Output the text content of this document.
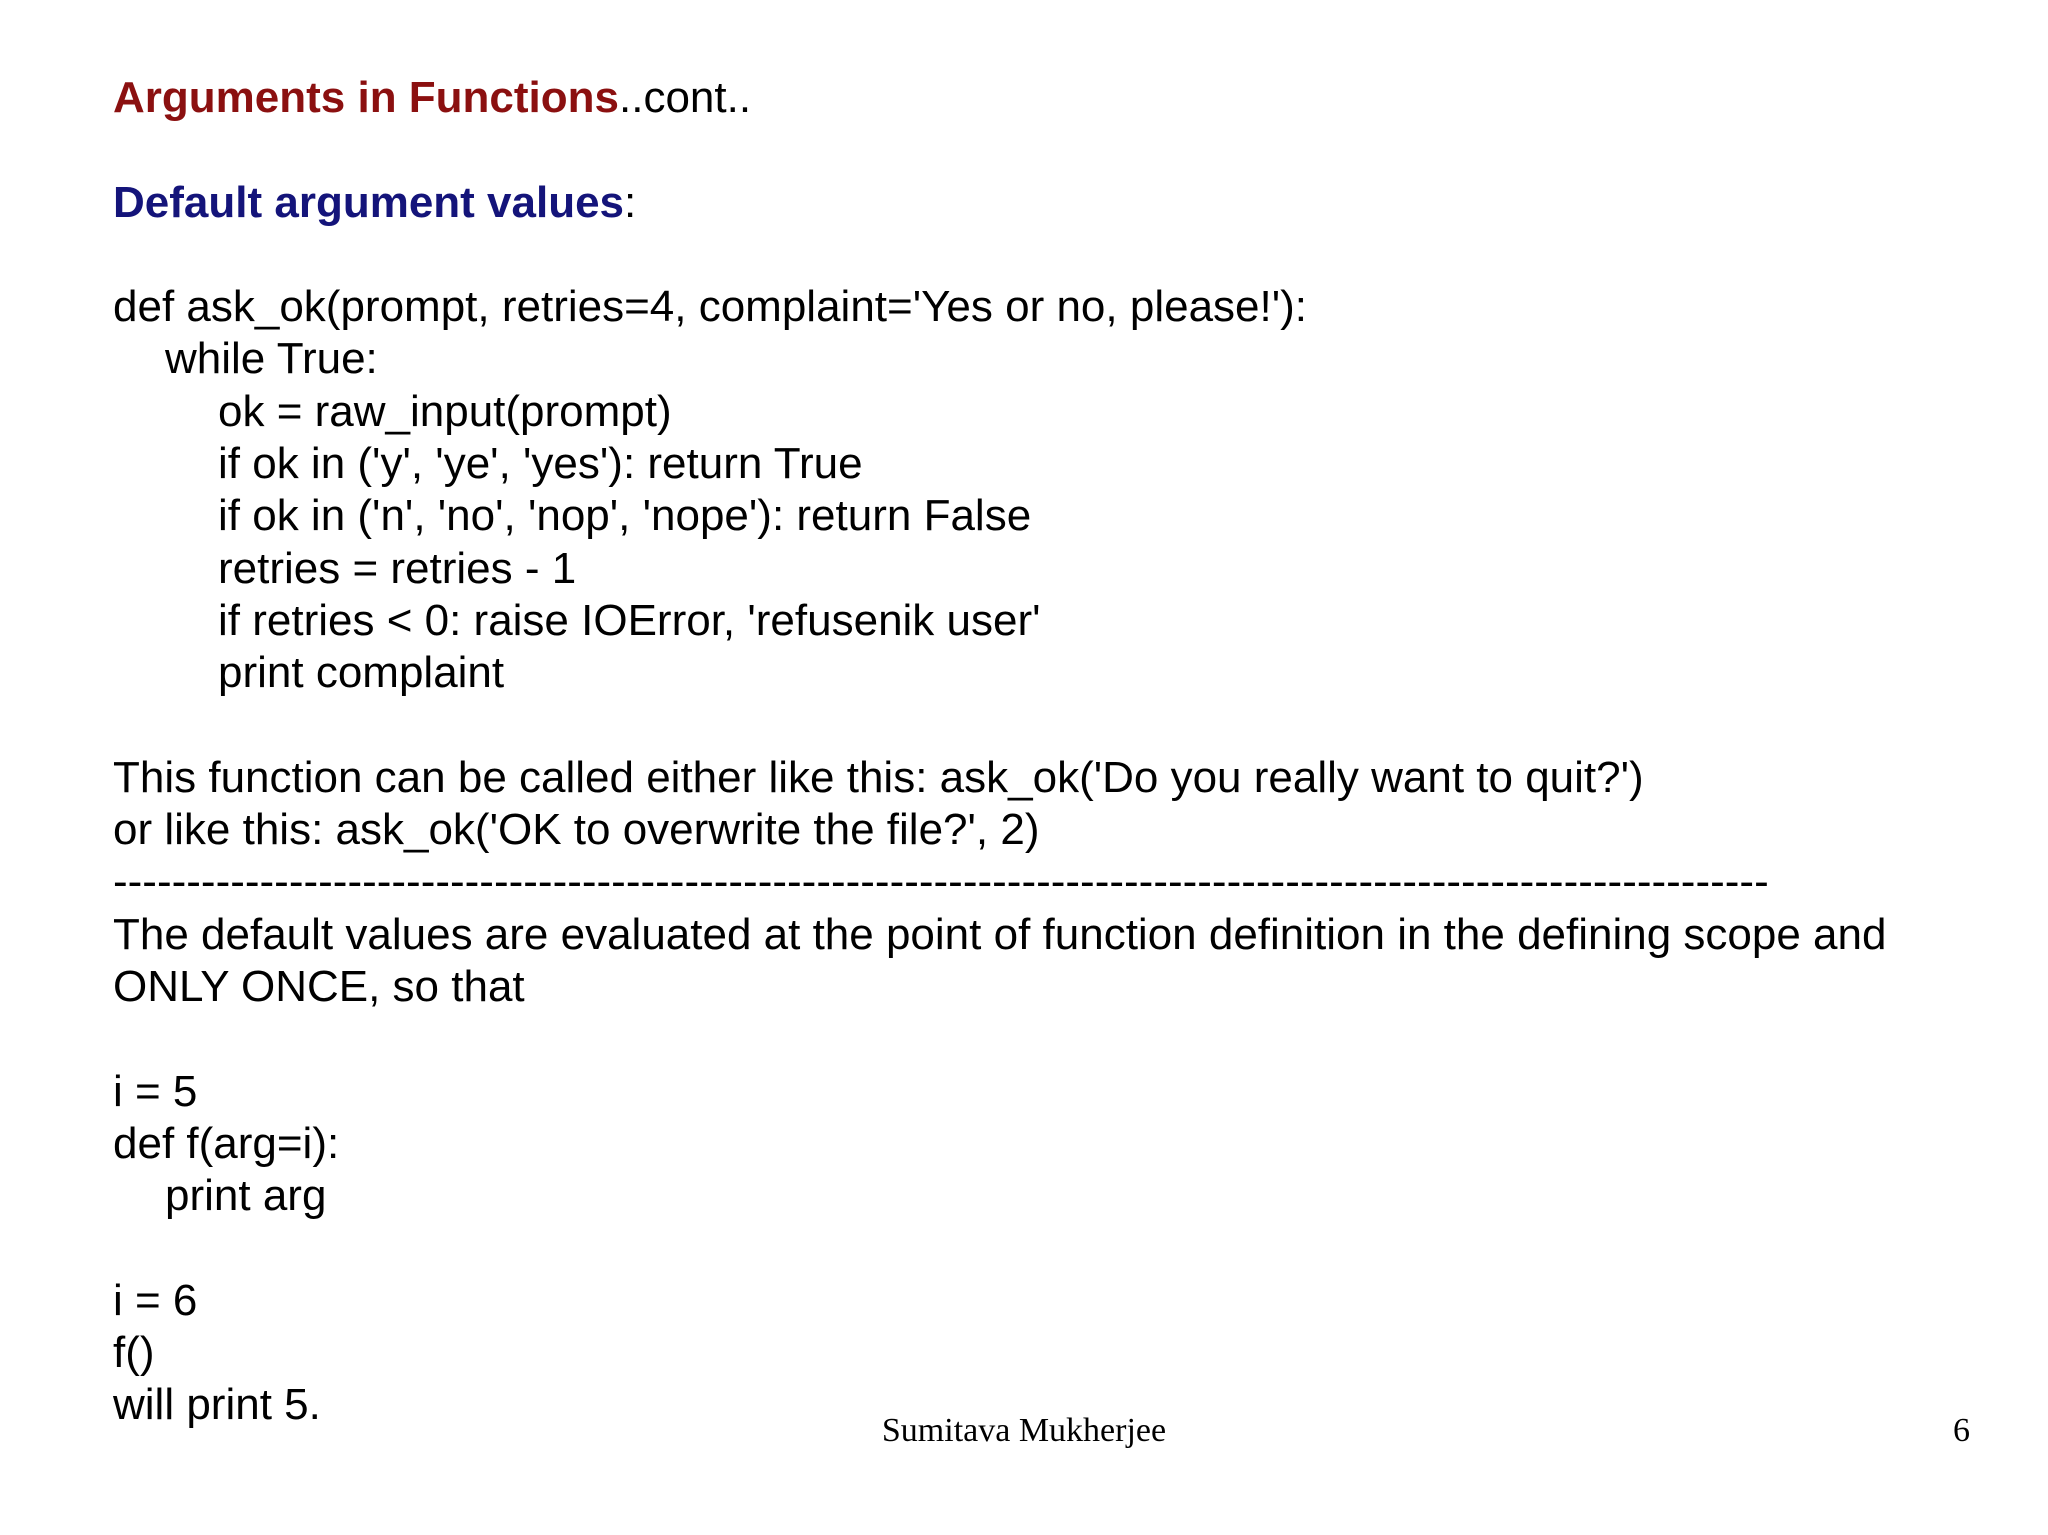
Arguments in Functions..cont..
Default argument values:
def ask_ok(prompt, retries=4, complaint='Yes or no, please!'):
while True:
ok = raw_input(prompt)
if ok in ('y', 'ye', 'yes'): return True
if ok in ('n', 'no', 'nop', 'nope'): return False
retries = retries - 1
if retries < 0: raise IOError, 'refusenik user'
print complaint
This function can be called either like this: ask_ok('Do you really want to quit?')
or like this: ask_ok('OK to overwrite the file?', 2)
-----------------------------------------------------------------------------------------------------------------
The default values are evaluated at the point of function definition in the defining scope and
ONLY ONCE, so that
i = 5
def f(arg=i):
print arg
i = 6
f()
will print 5.
Sumitava Mukherjee	6
